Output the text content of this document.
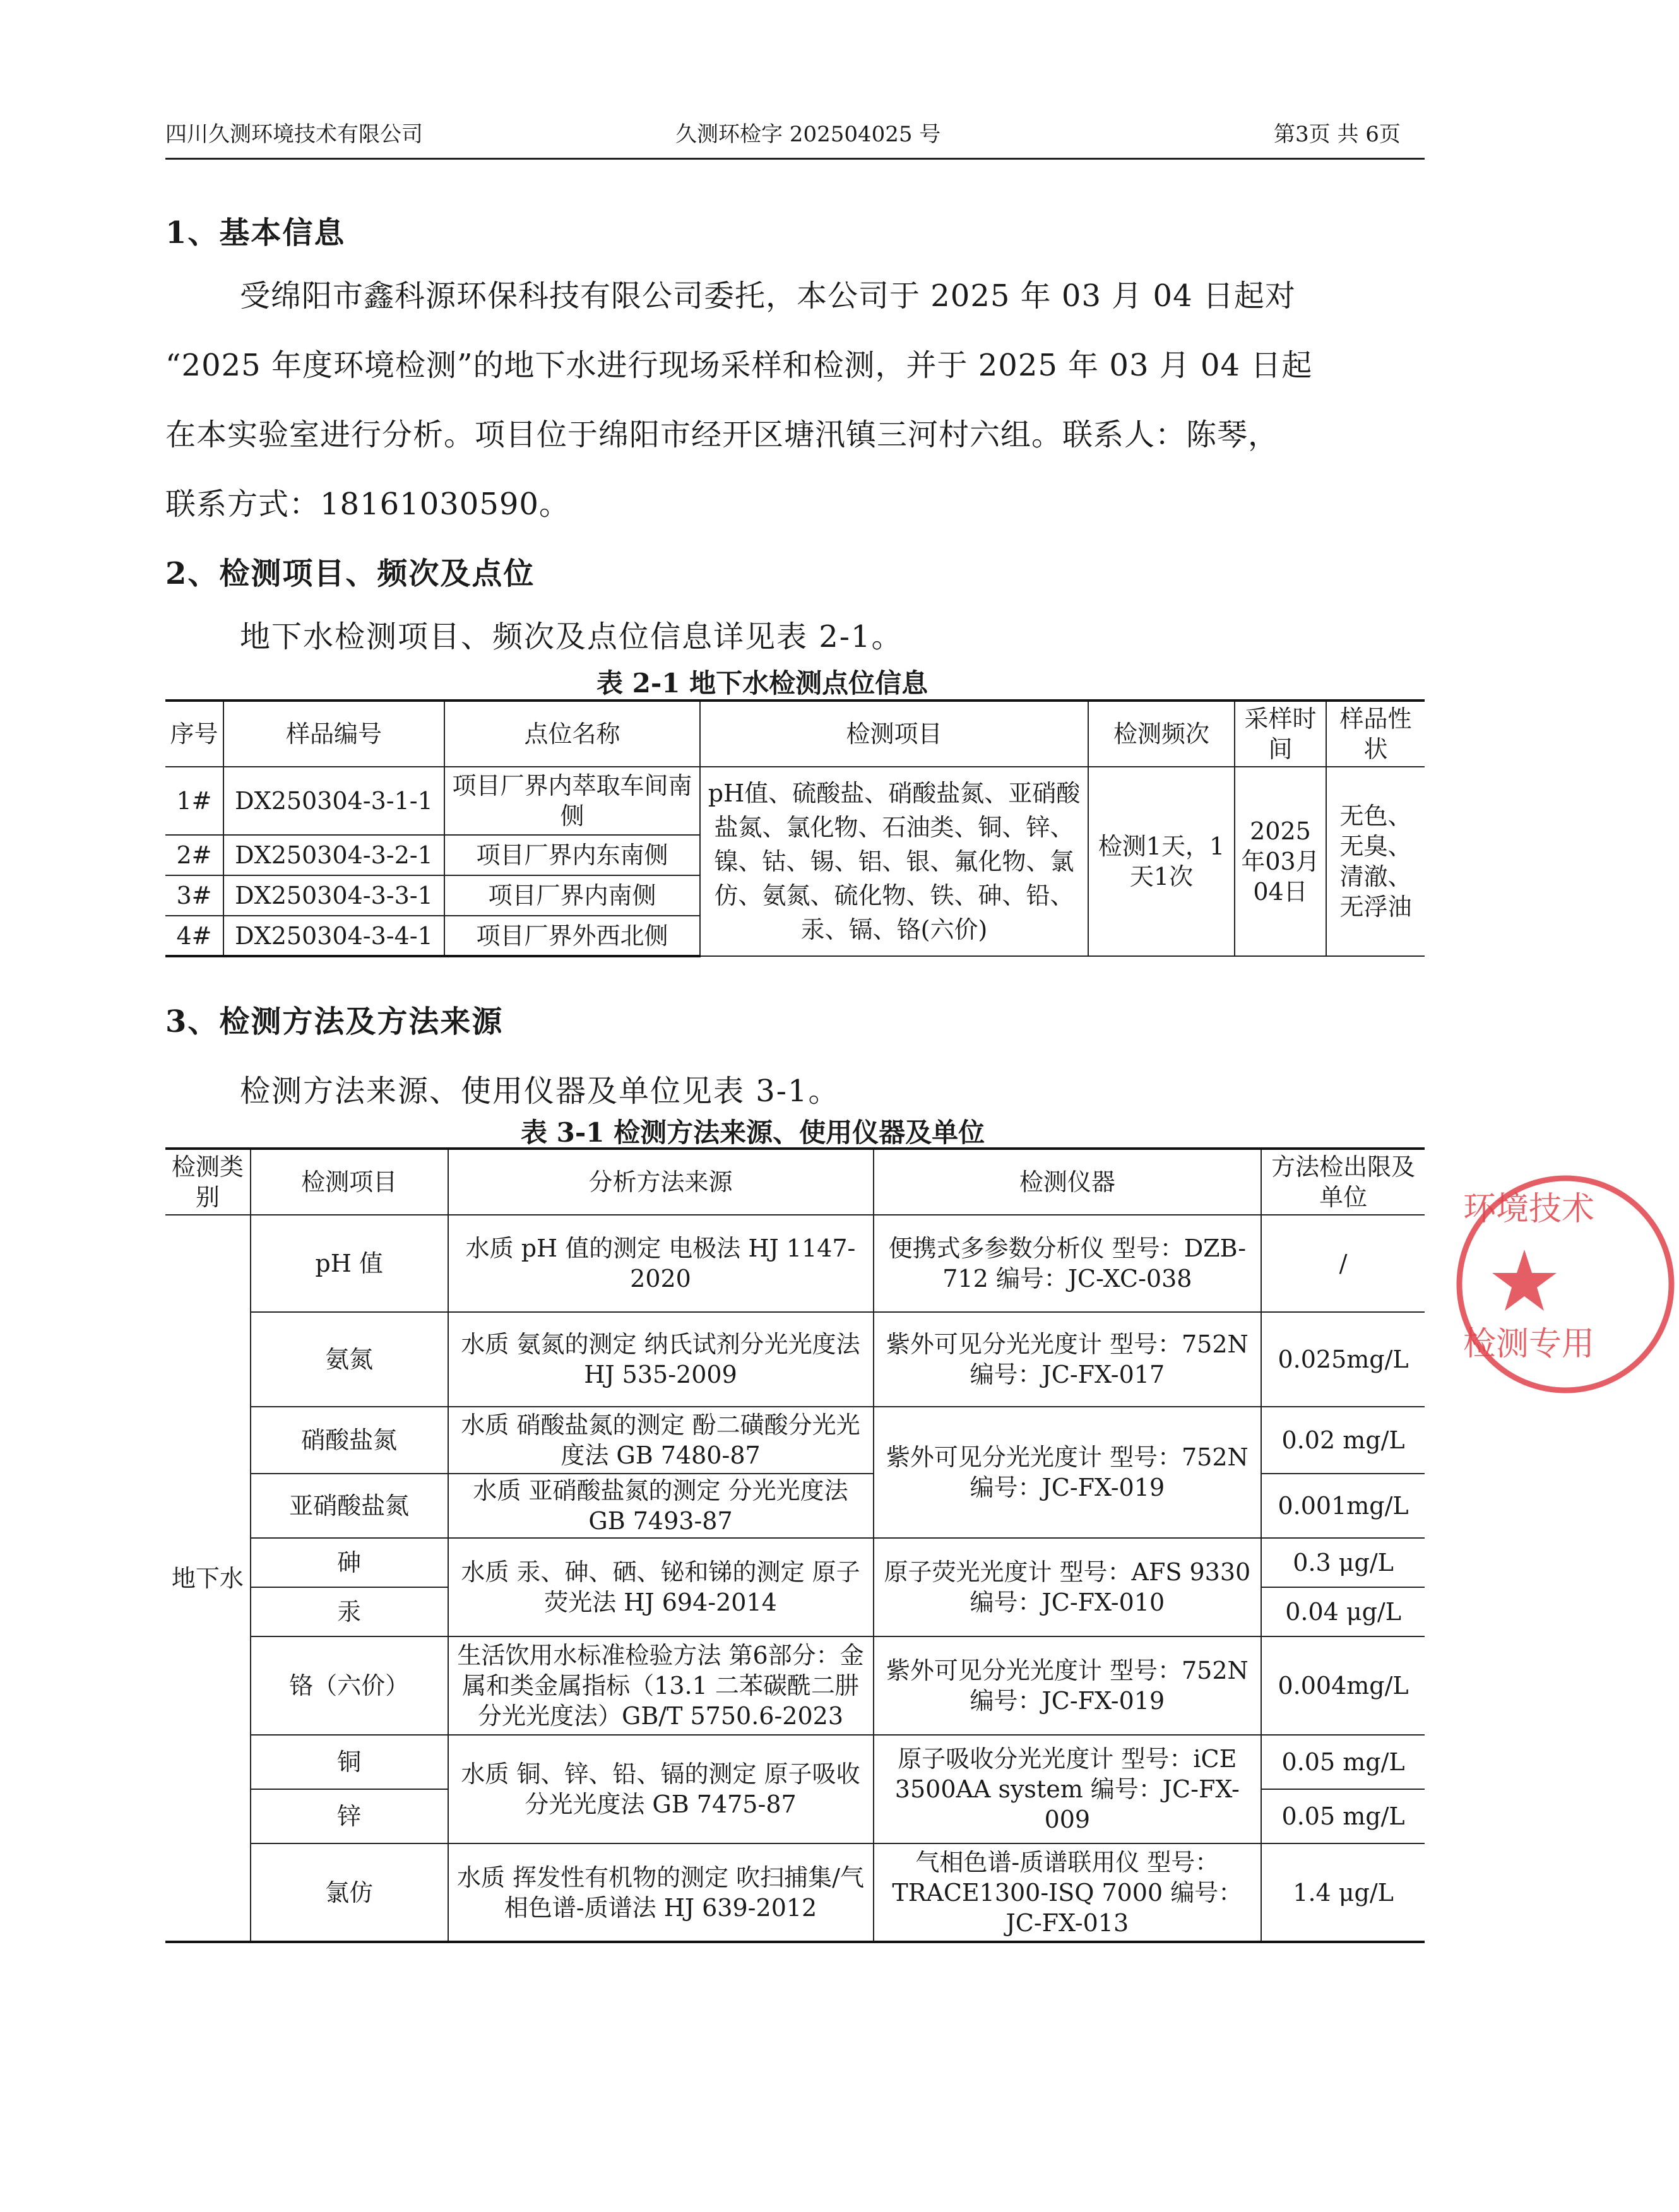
四川久测环境技术有限公司	久测环检字 202504025 号	第3页 共 6页
1、基本信息
受绵阳市鑫科源环保科技有限公司委托，本公司于 2025 年 03 月 04 日起对
“2025 年度环境检测”的地下水进行现场采样和检测，并于 2025 年 03 月 04 日起
在本实验室进行分析。项目位于绵阳市经开区塘汛镇三河村六组。联系人：陈琴，
联系方式：18161030590。
2、检测项目、频次及点位
地下水检测项目、频次及点位信息详见表 2-1。
表 2-1 地下水检测点位信息
序号	样品编号	点位名称	检测项目	检测频次	采样时间	样品性状
1#	DX250304-3-1-1	项目厂界内萃取车间南侧	pH值、硫酸盐、硝酸盐氮、亚硝酸盐氮、氯化物、石油类、铜、锌、镍、钴、锡、铝、银、氟化物、氯仿、氨氮、硫化物、铁、砷、铅、汞、镉、铬(六价)	检测1天，1天1次	2025年03月04日	无色、无臭、清澈、无浮油
2#	DX250304-3-2-1	项目厂界内东南侧				
3#	DX250304-3-3-1	项目厂界内南侧				
4#	DX250304-3-4-1	项目厂界外西北侧				
3、检测方法及方法来源
检测方法来源、使用仪器及单位见表 3-1。
表 3-1 检测方法来源、使用仪器及单位
检测类别	检测项目	分析方法来源	检测仪器	方法检出限及单位
地下水	pH 值	水质 pH 值的测定 电极法 HJ 1147-2020	便携式多参数分析仪 型号：DZB-712 编号：JC-XC-038	/
	氨氮	水质 氨氮的测定 纳氏试剂分光光度法 HJ 535-2009	紫外可见分光光度计 型号：752N 编号：JC-FX-017	0.025mg/L
	硝酸盐氮	水质 硝酸盐氮的测定 酚二磺酸分光光度法 GB 7480-87	紫外可见分光光度计 型号：752N 编号：JC-FX-019	0.02 mg/L
	亚硝酸盐氮	水质 亚硝酸盐氮的测定 分光光度法 GB 7493-87		0.001mg/L
	砷	水质 汞、砷、硒、铋和锑的测定 原子荧光法 HJ 694-2014	原子荧光光度计 型号：AFS 9330 编号：JC-FX-010	0.3 μg/L
	汞			0.04 μg/L
	铬（六价）	生活饮用水标准检验方法 第6部分：金属和类金属指标（13.1 二苯碳酰二肼分光光度法）GB/T 5750.6-2023	紫外可见分光光度计 型号：752N 编号：JC-FX-019	0.004mg/L
	铜	水质 铜、锌、铅、镉的测定 原子吸收分光光度法 GB 7475-87	原子吸收分光光度计 型号：iCE 3500AA system 编号：JC-FX-009	0.05 mg/L
	锌			0.05 mg/L
	氯仿	水质 挥发性有机物的测定 吹扫捕集/气相色谱-质谱法 HJ 639-2012	气相色谱-质谱联用仪 型号：TRACE1300-ISQ 7000 编号：JC-FX-013	1.4 μg/L
环境技术
检测专用
